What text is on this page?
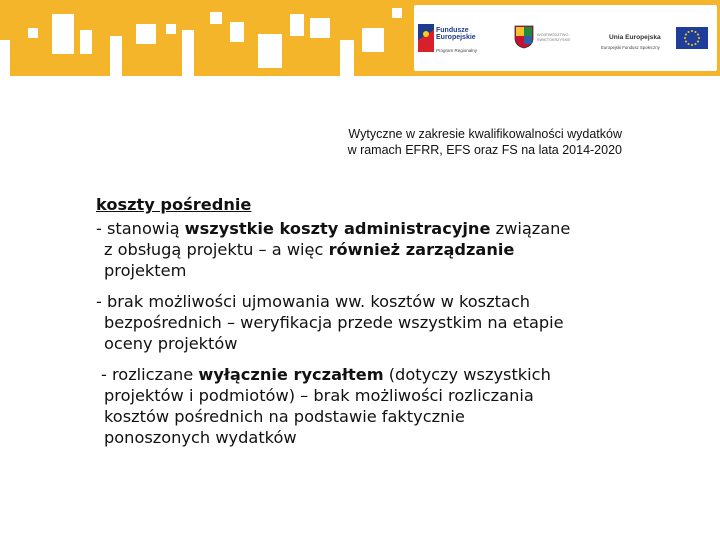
Fundusze
Europejskie
Program Regionalny
WOJEWÓDZTWO
ŚWIĘTOKRZYSKIE	Unia Europejska
Europejski Fundusz Społeczny
Wytyczne w zakresie kwalifikowalności wydatków
w ramach EFRR, EFS oraz FS na lata 2014-2020
koszty pośrednie
- stanowią wszystkie koszty administracyjne związane
z obsługą projektu – a więc również zarządzanie
projektem
- brak możliwości ujmowania ww. kosztów w kosztach
bezpośrednich – weryfikacja przede wszystkim na etapie
oceny projektów
- rozliczane wyłącznie ryczałtem (dotyczy wszystkich
projektów i podmiotów) – brak możliwości rozliczania
kosztów pośrednich na podstawie faktycznie
ponoszonych wydatków
